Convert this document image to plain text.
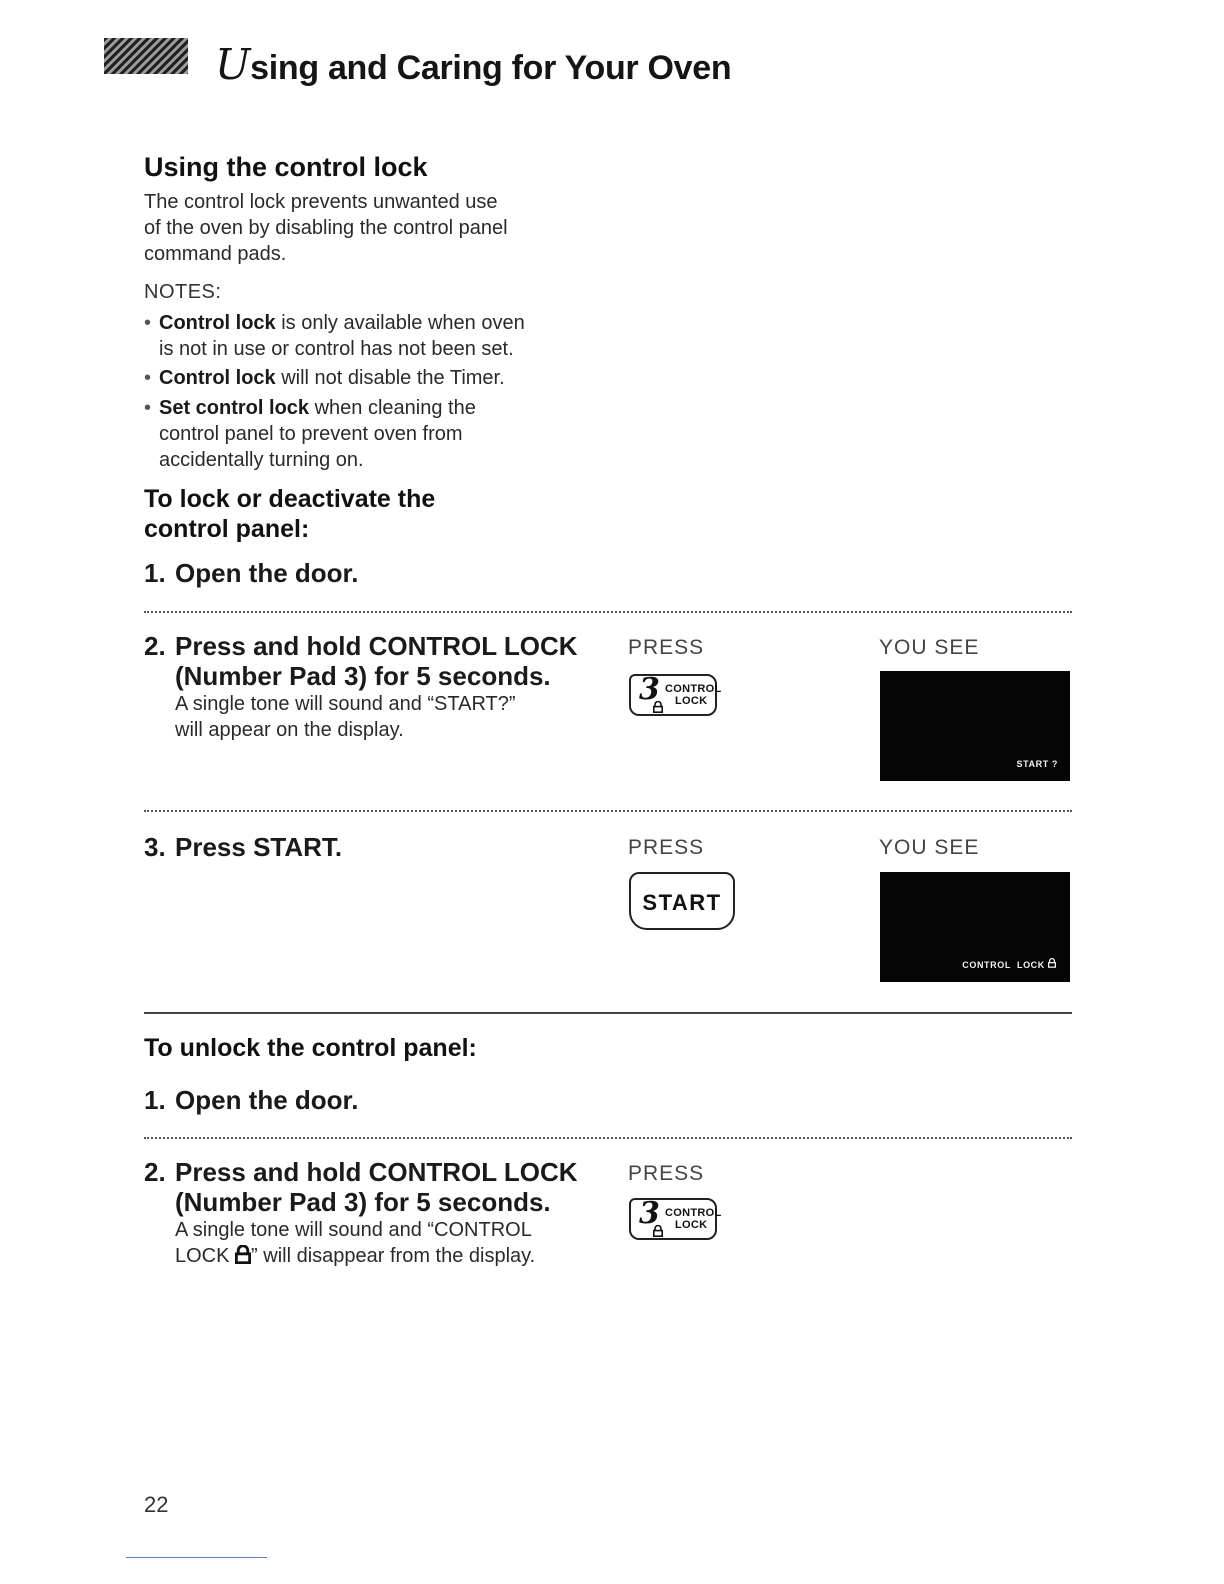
Using and Caring for Your Oven
Using the control lock
The control lock prevents unwanted use
of the oven by disabling the control panel
command pads.
NOTES:
• Control lock is only available when oven
is not in use or control has not been set.
• Control lock will not disable the Timer.
• Set control lock when cleaning the
control panel to prevent oven from
accidentally turning on.
To lock or deactivate the
control panel:
1. Open the door.
2. Press and hold CONTROL LOCK
(Number Pad 3) for 5 seconds.
A single tone will sound and “START?”
will appear on the display.
PRESS	YOU SEE
3 CONTROL
LOCK
START ?
3. Press START.	PRESS	YOU SEE
START
CONTROL  LOCK
To unlock the control panel:
1. Open the door.
2. Press and hold CONTROL LOCK
(Number Pad 3) for 5 seconds.
A single tone will sound and “CONTROL
LOCK ” will disappear from the display.
PRESS
3 CONTROL
LOCK
22
